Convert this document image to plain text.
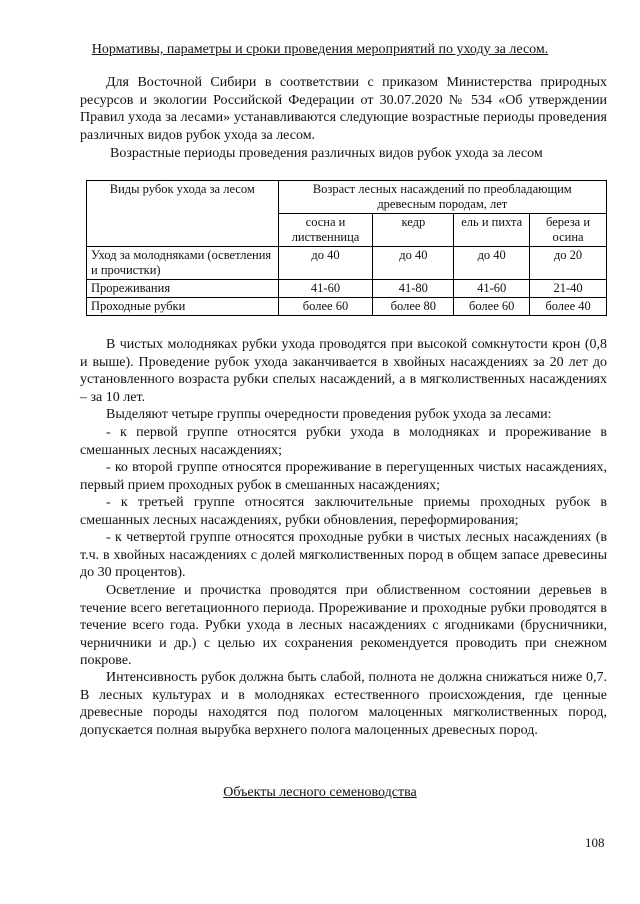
Нормативы, параметры и сроки проведения мероприятий по уходу за лесом.

Для Восточной Сибири в соответствии с приказом Министерства природных ресурсов и экологии Российской Федерации от 30.07.2020 № 534 «Об утверждении Правил ухода за лесами» устанавливаются следующие возрастные периоды проведения различных видов рубок ухода за лесом.

Возрастные периоды проведения различных видов рубок ухода за лесом
Виды рубок ухода за лесом	Возраст лесных насаждений по преобладающим древесным породам, лет			
	сосна и лиственница	кедр	ель и пихта	береза и осина
Уход за молодняками (осветления и прочистки)	до 40	до 40	до 40	до 20
Прореживания	41-60	41-80	41-60	21-40
Проходные рубки	более 60	более 80	более 60	более 40

В чистых молодняках рубки ухода проводятся при высокой сомкнутости крон (0,8 и выше). Проведение рубок ухода заканчивается в хвойных насаждениях за 20 лет до установленного возраста рубки спелых насаждений, а в мягколиственных насаждениях – за 10 лет.

Выделяют четыре группы очередности проведения рубок ухода за лесами:

- к первой группе относятся рубки ухода в молодняках и прореживание в смешанных лесных насаждениях;

- ко второй группе относятся прореживание в перегущенных чистых насаждениях, первый прием проходных рубок в смешанных насаждениях;

- к третьей группе относятся заключительные приемы проходных рубок в смешанных лесных насаждениях, рубки обновления, переформирования;

- к четвертой группе относятся проходные рубки в чистых лесных насаждениях (в т.ч. в хвойных насаждениях с долей мягколиственных пород в общем запасе древесины до 30 процентов).

Осветление и прочистка проводятся при облиственном состоянии деревьев в течение всего вегетационного периода. Прореживание и проходные рубки проводятся в течение всего года. Рубки ухода в лесных насаждениях с ягодниками (брусничники, черничники и др.) с целью их сохранения рекомендуется проводить при снежном покрове.

Интенсивность рубок должна быть слабой, полнота не должна снижаться ниже 0,7. В лесных культурах и в молодняках естественного происхождения, где ценные древесные породы находятся под пологом малоценных мягколиственных пород, допускается полная вырубка верхнего полога малоценных древесных пород.

Объекты лесного семеноводства
108
